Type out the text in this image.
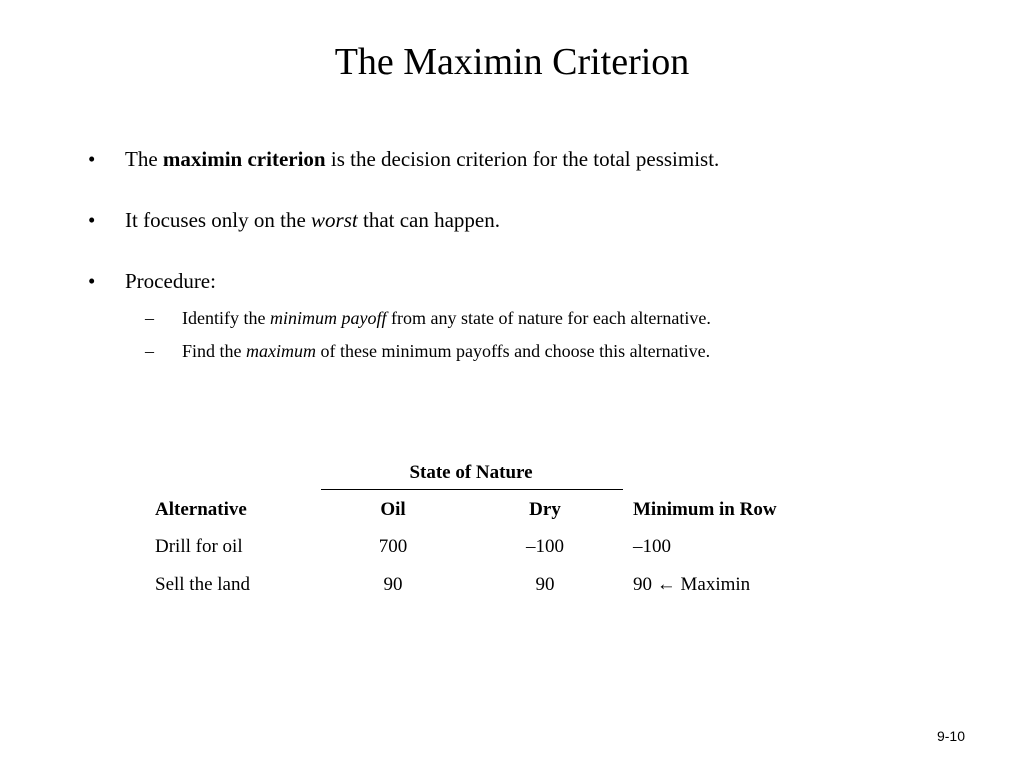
The Maximin Criterion
• The maximin criterion is the decision criterion for the total pessimist.
• It focuses only on the worst that can happen.
• Procedure:
– Identify the minimum payoff from any state of nature for each alternative.
– Find the maximum of these minimum payoffs and choose this alternative.
State of Nature
Alternative	Oil	Dry	Minimum in Row
Drill for oil	700	–100	–100
Sell the land	90	90	90 ← Maximin
9-10
